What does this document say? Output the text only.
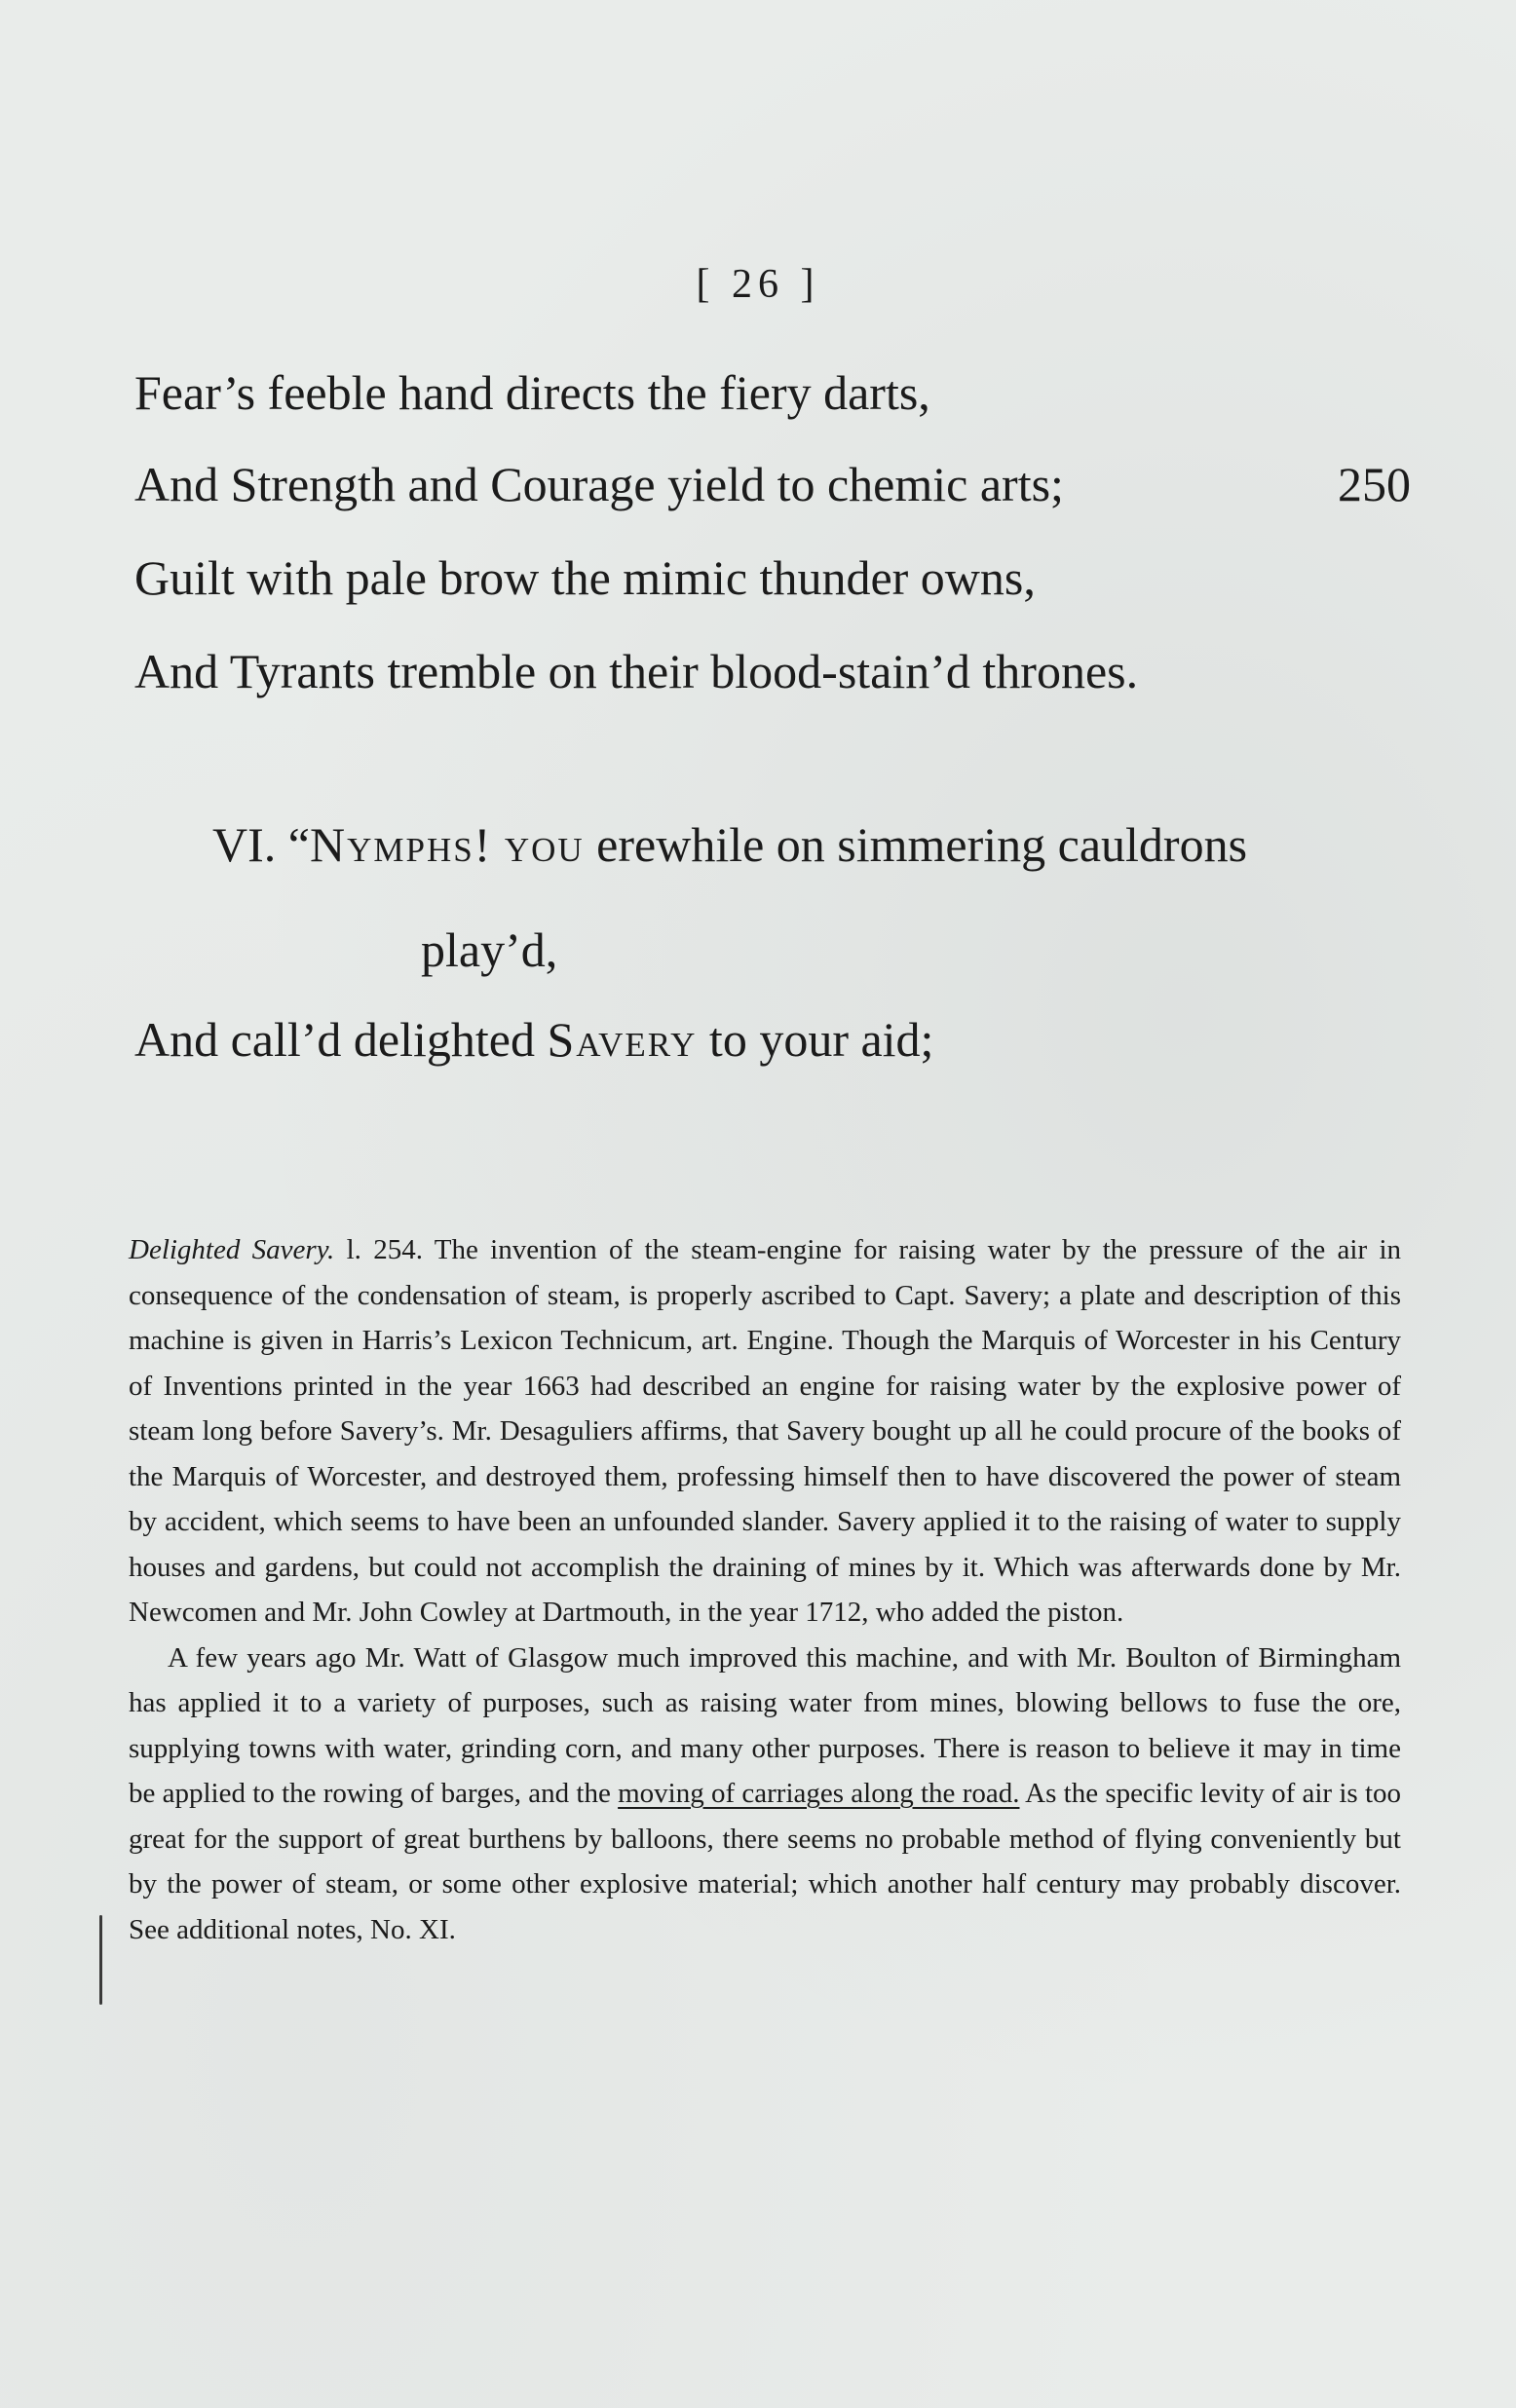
[ 26 ]
Fear’s feeble hand directs the fiery darts,
And Strength and Courage yield to chemic arts;	250
Guilt with pale brow the mimic thunder owns,
And Tyrants tremble on their blood-stain’d thrones.
VI. “Nymphs! you erewhile on simmering cauldrons
play’d,
And call’d delighted Savery to your aid;

Delighted Savery. l. 254. The invention of the steam-engine for raising water by the pressure of the air in consequence of the condensation of steam, is properly ascribed to Capt. Savery; a plate and description of this machine is given in Harris’s Lexicon Technicum, art. Engine. Though the Marquis of Worcester in his Century of Inventions printed in the year 1663 had described an engine for raising water by the explosive power of steam long before Savery’s. Mr. Desaguliers affirms, that Savery bought up all he could procure of the books of the Marquis of Worcester, and destroyed them, professing himself then to have discovered the power of steam by accident, which seems to have been an unfounded slander. Savery applied it to the raising of water to supply houses and gardens, but could not accomplish the draining of mines by it. Which was afterwards done by Mr. Newcomen and Mr. John Cowley at Dartmouth, in the year 1712, who added the piston.

A few years ago Mr. Watt of Glasgow much improved this machine, and with Mr. Boulton of Birmingham has applied it to a variety of purposes, such as raising water from mines, blowing bellows to fuse the ore, supplying towns with water, grinding corn, and many other purposes. There is reason to believe it may in time be applied to the rowing of barges, and the moving of carriages along the road. As the specific levity of air is too great for the support of great burthens by balloons, there seems no probable method of flying conveniently but by the power of steam, or some other explosive material; which another half century may probably discover. See additional notes, No. XI.
